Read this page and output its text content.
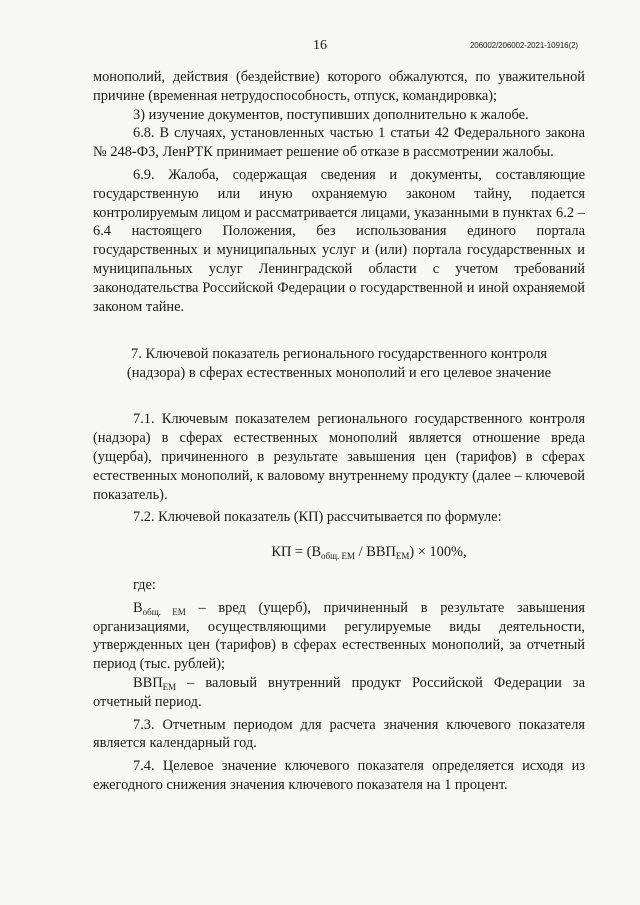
16	206002/206002-2021-10916(2)

монополий, действия (бездействие) которого обжалуются, по уважительной причине (временная нетрудоспособность, отпуск, командировка);

3) изучение документов, поступивших дополнительно к жалобе.

6.8. В случаях, установленных частью 1 статьи 42 Федерального закона № 248-ФЗ, ЛенРТК принимает решение об отказе в рассмотрении жалобы.

6.9. Жалоба, содержащая сведения и документы, составляющие государственную или иную охраняемую законом тайну, подается контролируемым лицом и рассматривается лицами, указанными в пунктах 6.2 – 6.4 настоящего Положения, без использования единого портала государственных и муниципальных услуг и (или) портала государственных и муниципальных услуг Ленинградской области с учетом требований законодательства Российской Федерации о государственной и иной охраняемой законом тайне.

7. Ключевой показатель регионального государственного контроля
(надзора) в сферах естественных монополий и его целевое значение

7.1. Ключевым показателем регионального государственного контроля (надзора) в сферах естественных монополий является отношение вреда (ущерба), причиненного в результате завышения цен (тарифов) в сферах естественных монополий, к валовому внутреннему продукту (далее – ключевой показатель).

7.2. Ключевой показатель (КП) рассчитывается по формуле:

КП = $(В_{общ. ЕМ} / ВВП_{ЕМ}) \times 100\%$,

где:

$В_{общ. ЕМ}$ – вред (ущерб), причиненный в результате завышения организациями, осуществляющими регулируемые виды деятельности, утвержденных цен (тарифов) в сферах естественных монополий, за отчетный период (тыс. рублей);

$ВВП_{ЕМ}$ – валовый внутренний продукт Российской Федерации за отчетный период.

7.3. Отчетным периодом для расчета значения ключевого показателя является календарный год.

7.4. Целевое значение ключевого показателя определяется исходя из ежегодного снижения значения ключевого показателя на 1 процент.
